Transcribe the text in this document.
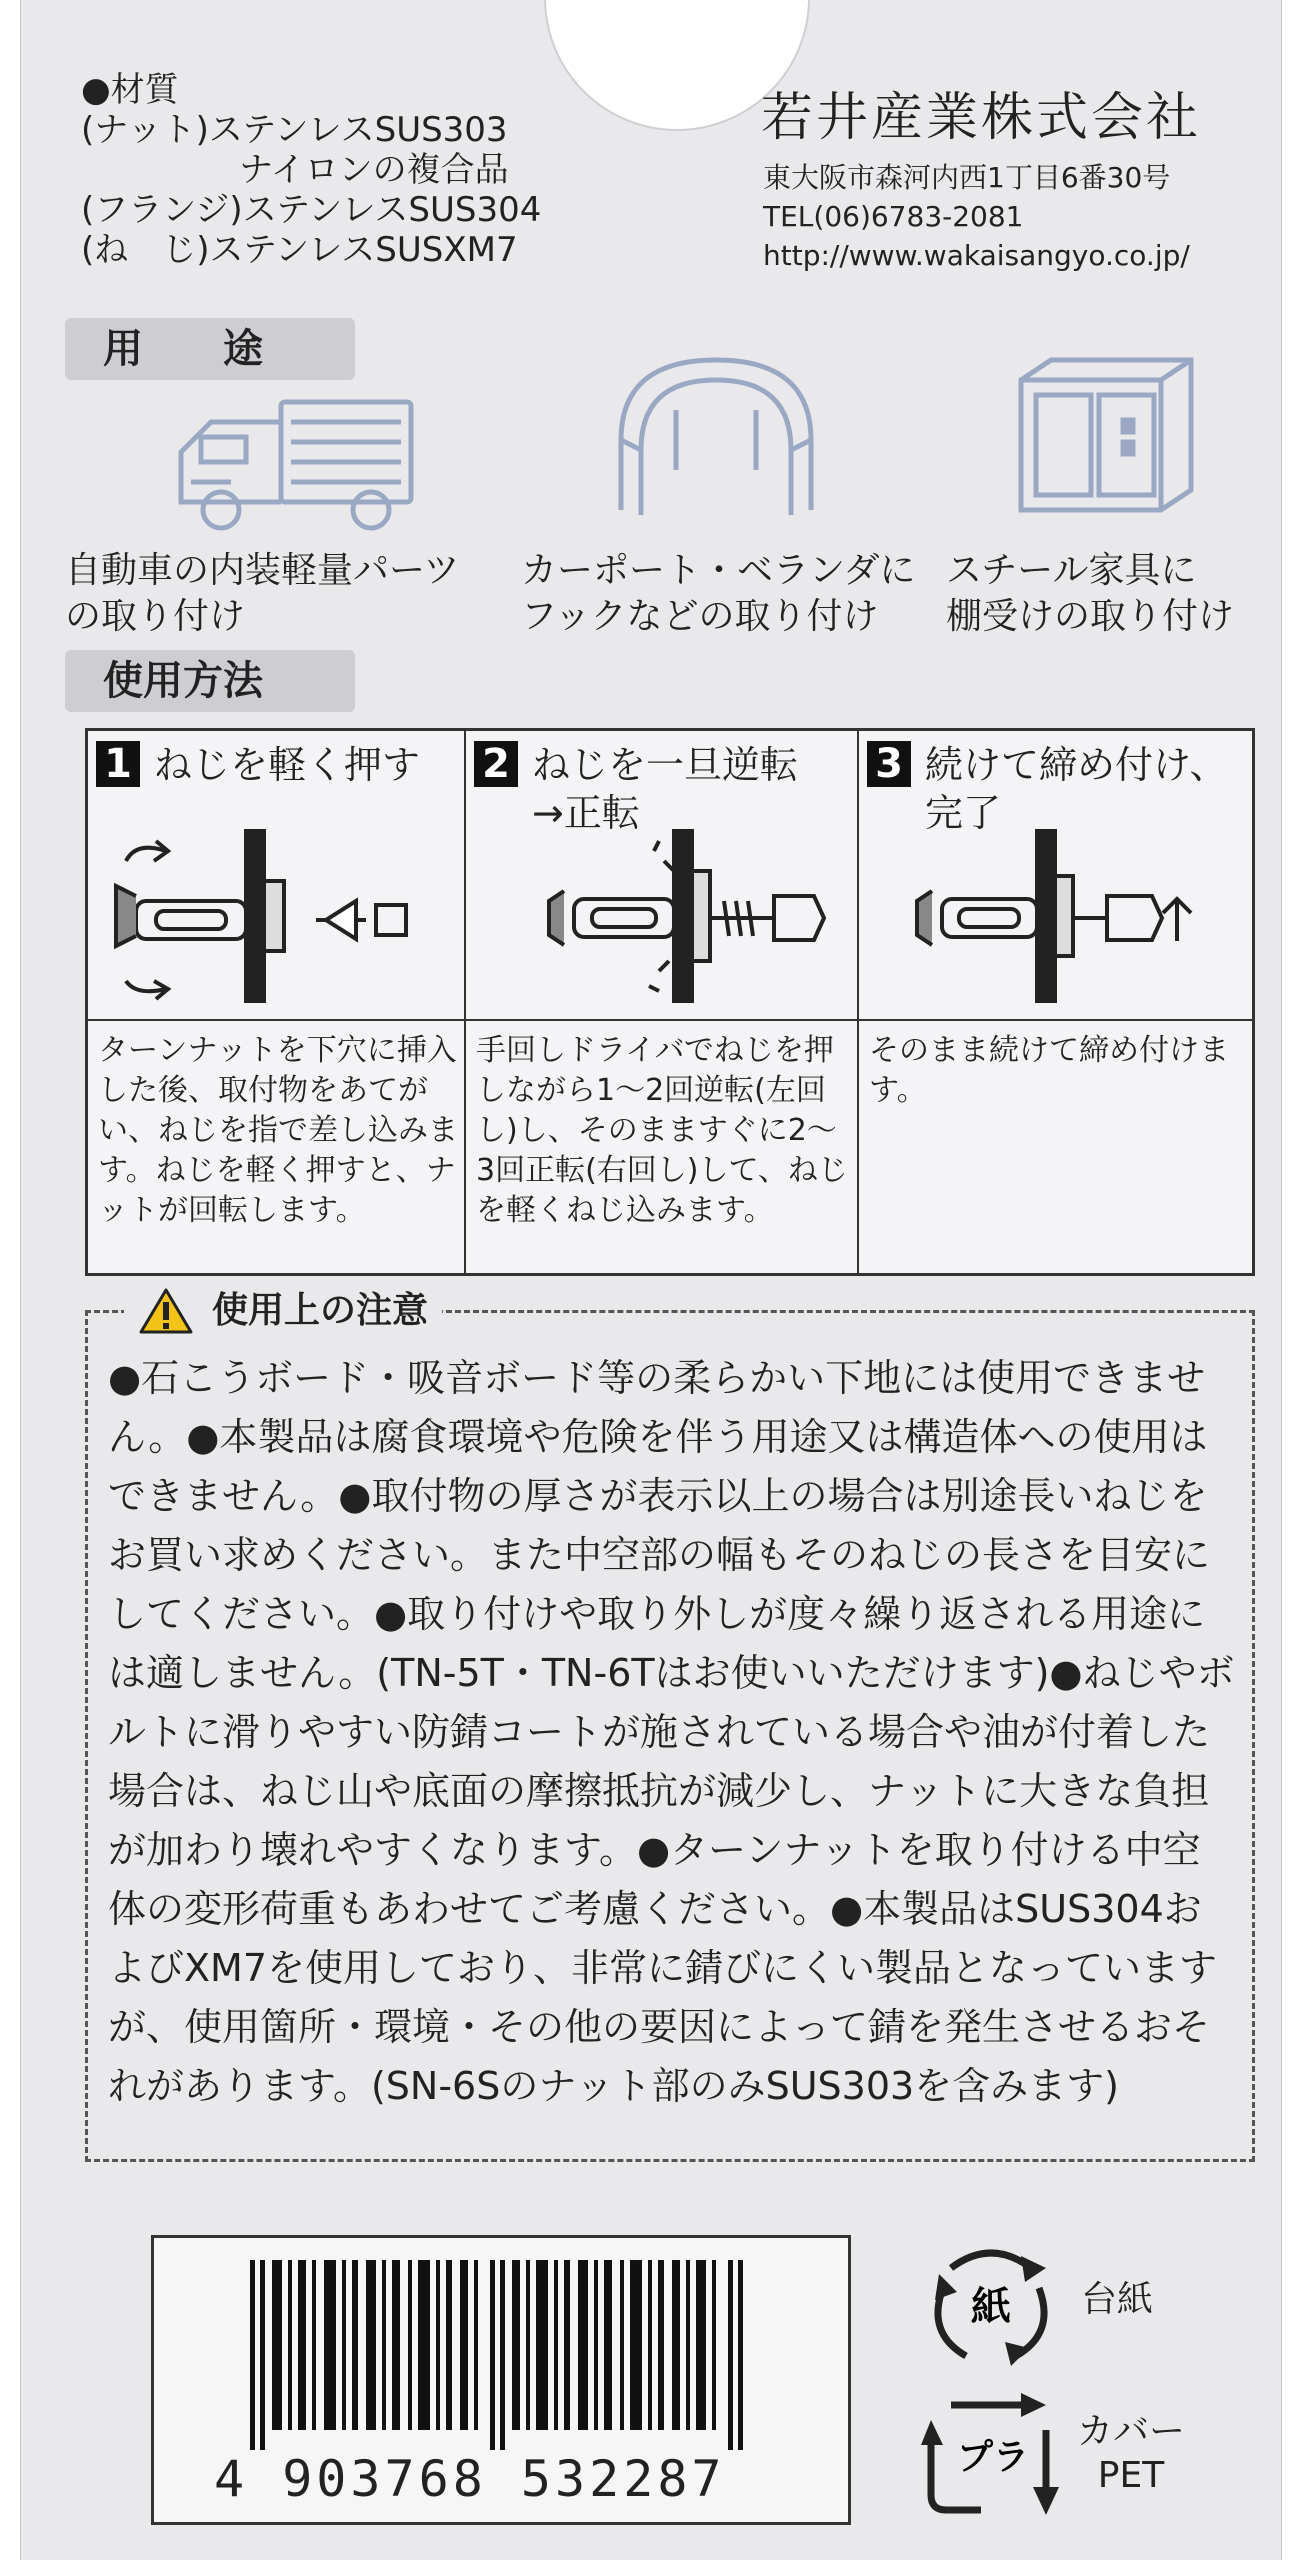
●材質
(ナット)ステンレスSUS303
ナイロンの複合品
(フランジ)ステンレスSUS304
(ね　じ)ステンレスSUSXM7
若井産業株式会社
東大阪市森河内西1丁目6番30号
TEL(06)6783-2081
http://www.wakaisangyo.co.jp/
用　　途
自動車の内装軽量パーツ
の取り付け
カーポート・ベランダに
フックなどの取り付け
スチール家具に
棚受けの取り付け
使用方法
1 ねじを軽く押す
ターンナットを下穴に挿入した後、取付物をあてがい、ねじを指で差し込みます。ねじを軽く押すと、ナットが回転します。
2 ねじを一旦逆転
→正転
手回しドライバでねじを押しながら1～2回逆転(左回し)し、そのまますぐに2～3回正転(右回し)して、ねじを軽くねじ込みます。
3 続けて締め付け、
完了
そのまま続けて締め付けます。
使用上の注意
●石こうボード・吸音ボード等の柔らかい下地には使用できません。●本製品は腐食環境や危険を伴う用途又は構造体への使用はできません。●取付物の厚さが表示以上の場合は別途長いねじをお買い求めください。また中空部の幅もそのねじの長さを目安にしてください。●取り付けや取り外しが度々繰り返される用途には適しません。(TN-5T・TN-6Tはお使いいただけます)●ねじやボルトに滑りやすい防錆コートが施されている場合や油が付着した場合は、ねじ山や底面の摩擦抵抗が減少し、ナットに大きな負担が加わり壊れやすくなります。●ターンナットを取り付ける中空体の変形荷重もあわせてご考慮ください。●本製品はSUS304およびXM7を使用しており、非常に錆びにくい製品となっていますが、使用箇所・環境・その他の要因によって錆を発生させるおそれがあります。(SN-6Sのナット部のみSUS303を含みます)
4 903768 532287
紙 台紙
プラ
カバー
PET
